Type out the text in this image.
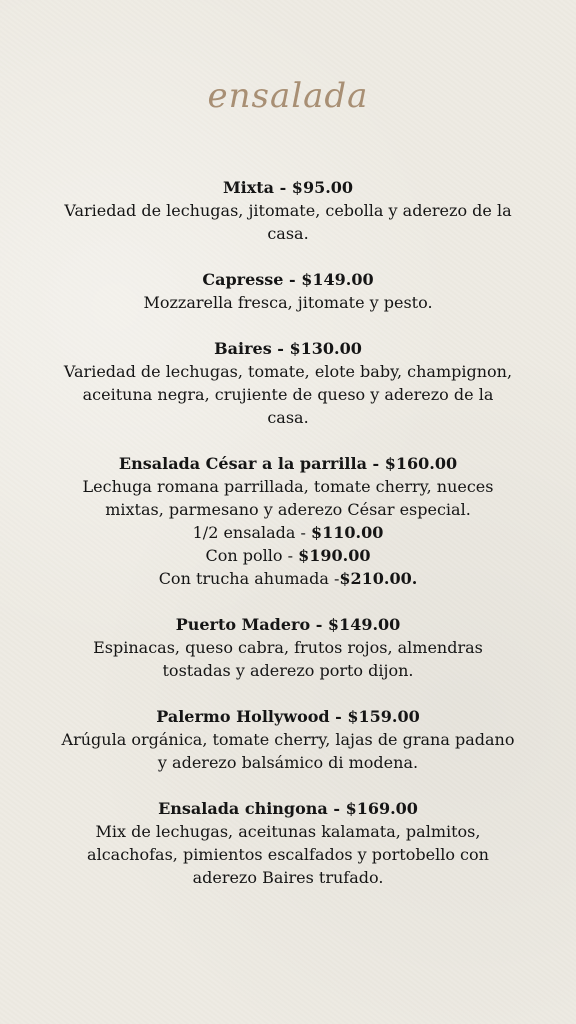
ensalada
Mixta - $95.00
Variedad de lechugas, jitomate, cebolla y aderezo de la casa.
Capresse - $149.00
Mozzarella fresca, jitomate y pesto.
Baires - $130.00
Variedad de lechugas, tomate, elote baby, champignon, aceituna negra, crujiente de queso y aderezo de la casa.
Ensalada César a la parrilla - $160.00
Lechuga romana parrillada, tomate cherry, nueces mixtas, parmesano y aderezo César especial.
1/2 ensalada - $110.00
Con pollo - $190.00
Con trucha ahumada -$210.00.
Puerto Madero - $149.00
Espinacas, queso cabra, frutos rojos, almendras tostadas y aderezo porto dijon.
Palermo Hollywood - $159.00
Arúgula orgánica, tomate cherry, lajas de grana padano y aderezo balsámico di modena.
Ensalada chingona - $169.00
Mix de lechugas, aceitunas kalamata, palmitos, alcachofas, pimientos escalfados y portobello con aderezo Baires trufado.
